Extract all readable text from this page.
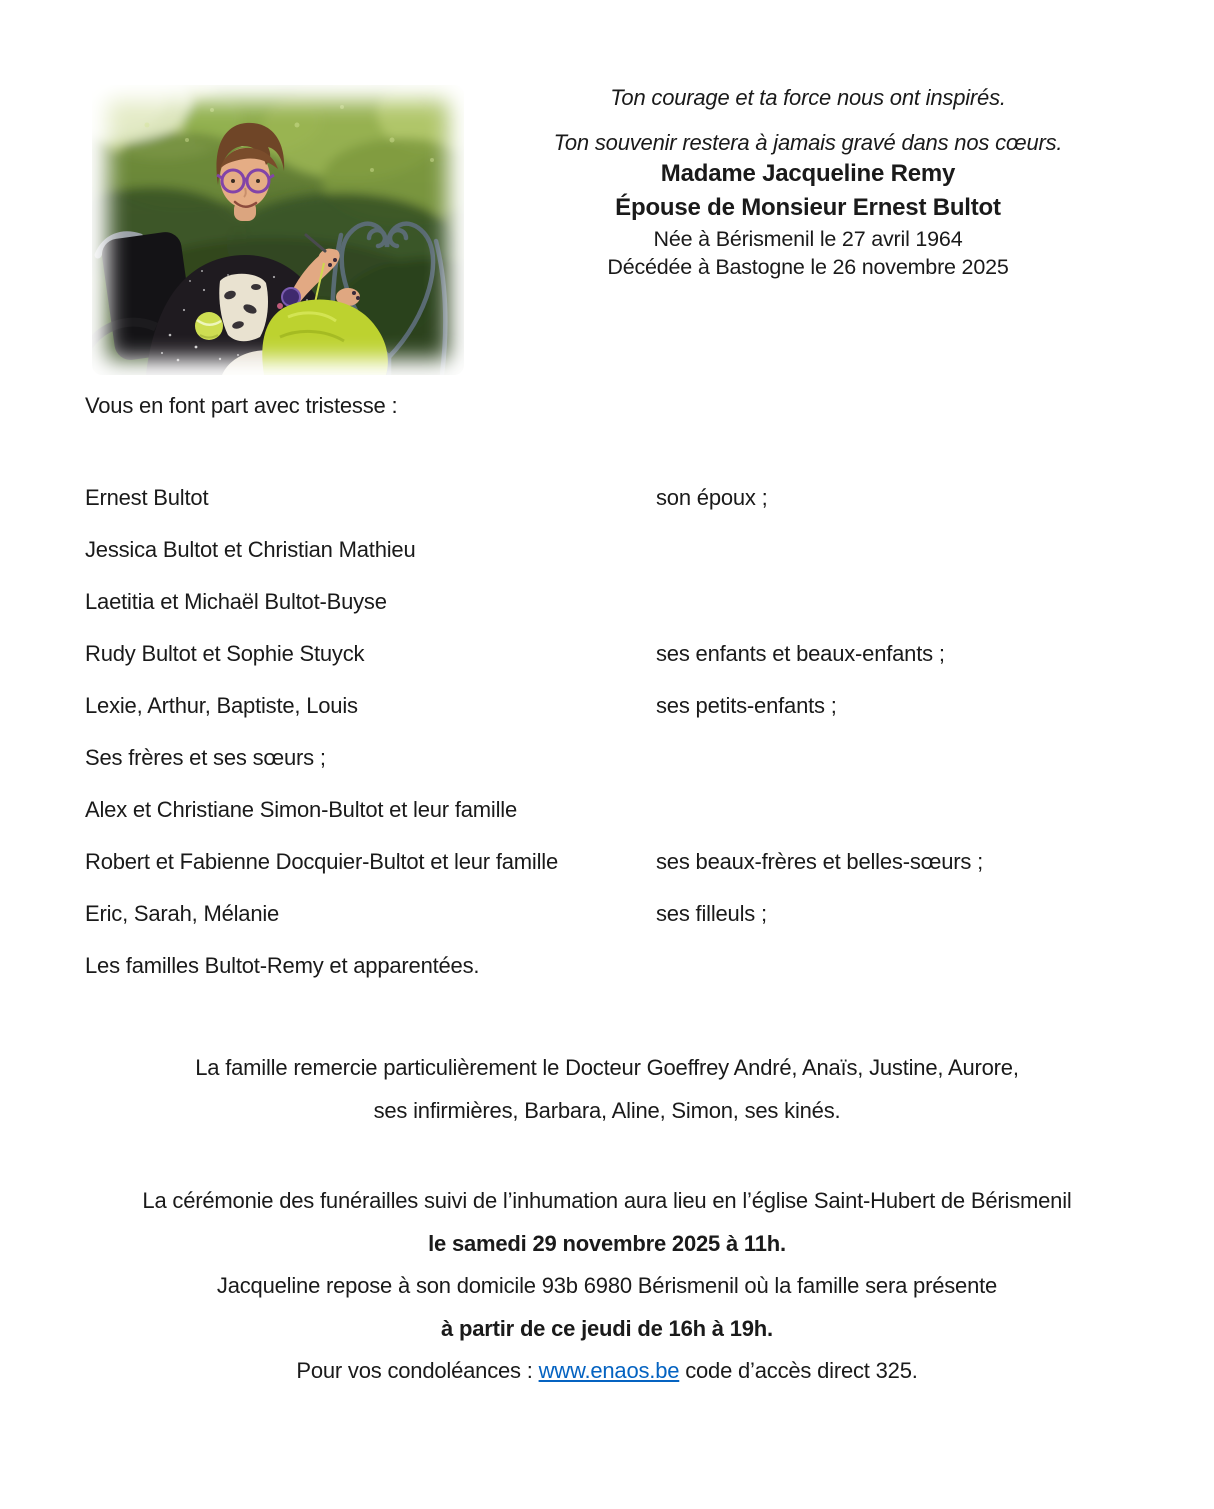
Ton courage et ta force nous ont inspirés.

Ton souvenir restera à jamais gravé dans nos cœurs.

Madame Jacqueline Remy
Épouse de Monsieur Ernest Bultot

Née à Bérismenil le 27 avril 1964

Décédée à Bastogne le 26 novembre 2025

Vous en font part avec tristesse :

Ernest Bultot	son époux ;
Jessica Bultot et Christian Mathieu
Laetitia et Michaël Bultot-Buyse
Rudy Bultot et Sophie Stuyck	ses enfants et beaux-enfants ;
Lexie, Arthur, Baptiste, Louis	ses petits-enfants ;
Ses frères et ses sœurs ;
Alex et Christiane Simon-Bultot et leur famille
Robert et Fabienne Docquier-Bultot et leur famille	ses beaux-frères et belles-sœurs ;
Eric, Sarah, Mélanie	ses filleuls ;
Les familles Bultot-Remy et apparentées.

La famille remercie particulièrement le Docteur Goeffrey André, Anaïs, Justine, Aurore,

ses infirmières, Barbara, Aline, Simon, ses kinés.

La cérémonie des funérailles suivi de l’inhumation aura lieu en l’église Saint-Hubert de Bérismenil

le samedi 29 novembre 2025 à 11h.

Jacqueline repose à son domicile 93b 6980 Bérismenil où la famille sera présente

à partir de ce jeudi de 16h à 19h.

Pour vos condoléances : www.enaos.be code d’accès direct 325.
